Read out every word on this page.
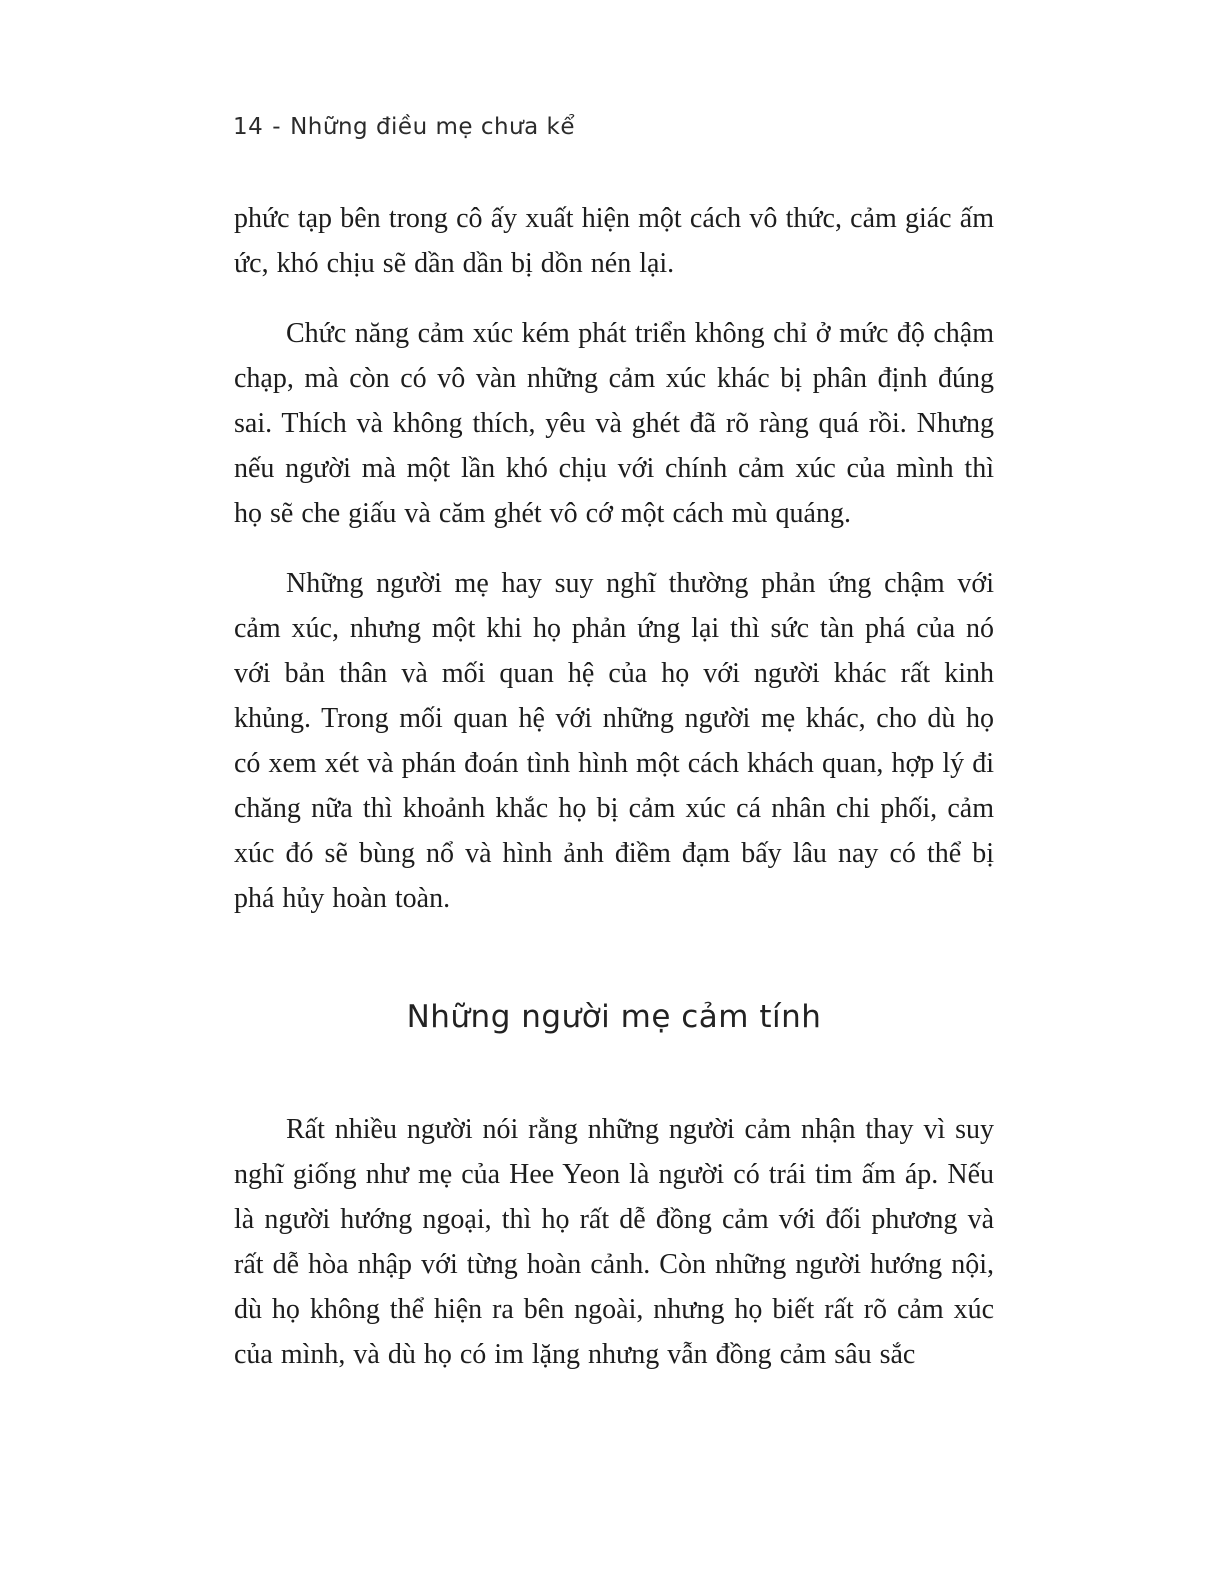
14 - Những điều mẹ chưa kể

phức tạp bên trong cô ấy xuất hiện một cách vô thức, cảm giác ấm ức, khó chịu sẽ dần dần bị dồn nén lại.

Chức năng cảm xúc kém phát triển không chỉ ở mức độ chậm chạp, mà còn có vô vàn những cảm xúc khác bị phân định đúng sai. Thích và không thích, yêu và ghét đã rõ ràng quá rồi. Nhưng nếu người mà một lần khó chịu với chính cảm xúc của mình thì họ sẽ che giấu và căm ghét vô cớ một cách mù quáng.

Những người mẹ hay suy nghĩ thường phản ứng chậm với cảm xúc, nhưng một khi họ phản ứng lại thì sức tàn phá của nó với bản thân và mối quan hệ của họ với người khác rất kinh khủng. Trong mối quan hệ với những người mẹ khác, cho dù họ có xem xét và phán đoán tình hình một cách khách quan, hợp lý đi chăng nữa thì khoảnh khắc họ bị cảm xúc cá nhân chi phối, cảm xúc đó sẽ bùng nổ và hình ảnh điềm đạm bấy lâu nay có thể bị phá hủy hoàn toàn.

Những người mẹ cảm tính

Rất nhiều người nói rằng những người cảm nhận thay vì suy nghĩ giống như mẹ của Hee Yeon là người có trái tim ấm áp. Nếu là người hướng ngoại, thì họ rất dễ đồng cảm với đối phương và rất dễ hòa nhập với từng hoàn cảnh. Còn những người hướng nội, dù họ không thể hiện ra bên ngoài, nhưng họ biết rất rõ cảm xúc của mình, và dù họ có im lặng nhưng vẫn đồng cảm sâu sắc
